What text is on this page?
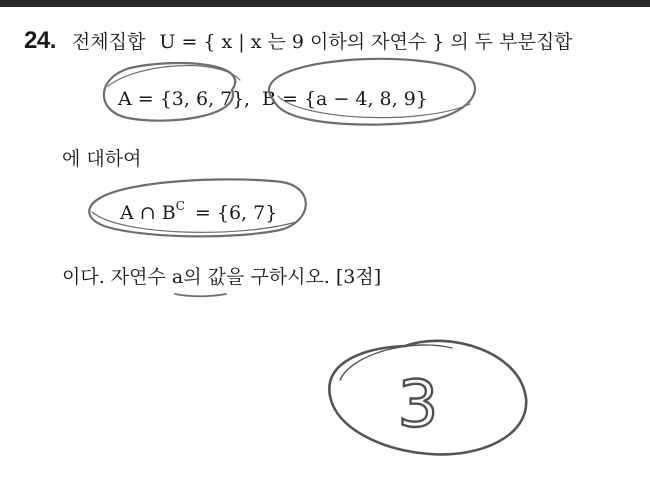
24. 전체집합 U = { x | x 는 9 이하의 자연수 } 의 두 부분집합
A = {3, 6, 7} , B = {a − 4, 8, 9}
에 대하여
A ∩ $B^C = \{6$, 7}
이다. 자연수 a의 값을 구하시오. [3점]
3
